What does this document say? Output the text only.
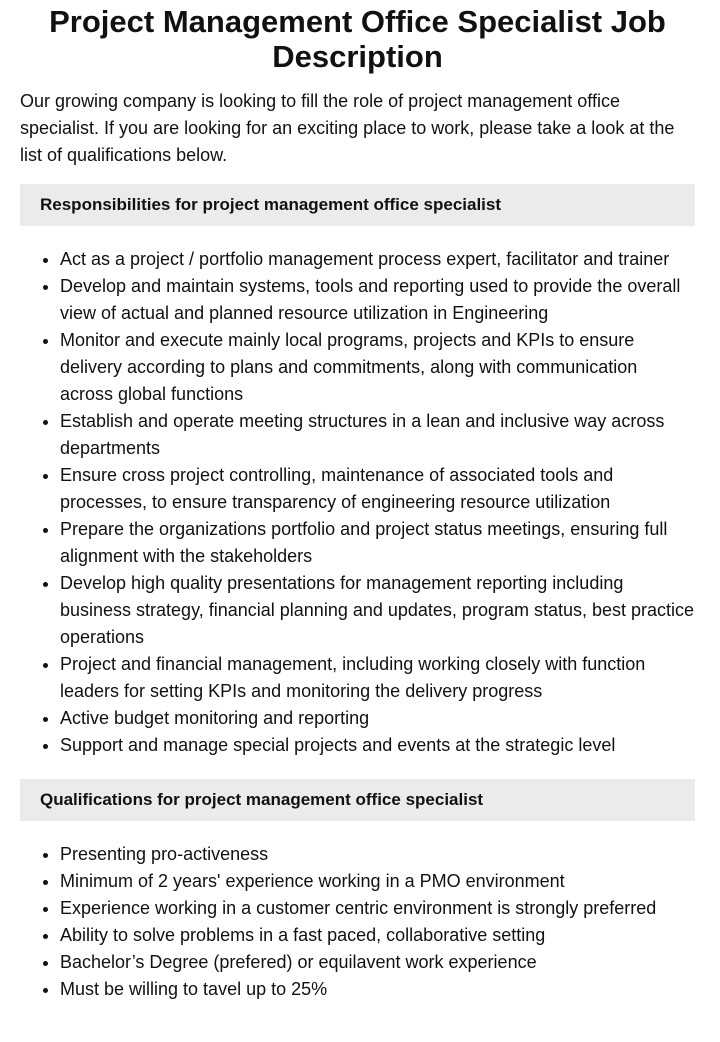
Project Management Office Specialist Job Description

Our growing company is looking to fill the role of project management office specialist. If you are looking for an exciting place to work, please take a look at the list of qualifications below.

Responsibilities for project management office specialist
• Act as a project / portfolio management process expert, facilitator and trainer
• Develop and maintain systems, tools and reporting used to provide the overall view of actual and planned resource utilization in Engineering
• Monitor and execute mainly local programs, projects and KPIs to ensure delivery according to plans and commitments, along with communication across global functions
• Establish and operate meeting structures in a lean and inclusive way across departments
• Ensure cross project controlling, maintenance of associated tools and processes, to ensure transparency of engineering resource utilization
• Prepare the organizations portfolio and project status meetings, ensuring full alignment with the stakeholders
• Develop high quality presentations for management reporting including business strategy, financial planning and updates, program status, best practice operations
• Project and financial management, including working closely with function leaders for setting KPIs and monitoring the delivery progress
• Active budget monitoring and reporting
• Support and manage special projects and events at the strategic level
Qualifications for project management office specialist
• Presenting pro-activeness
• Minimum of 2 years' experience working in a PMO environment
• Experience working in a customer centric environment is strongly preferred
• Ability to solve problems in a fast paced, collaborative setting
• Bachelor’s Degree (prefered) or equilavent work experience
• Must be willing to tavel up to 25%
